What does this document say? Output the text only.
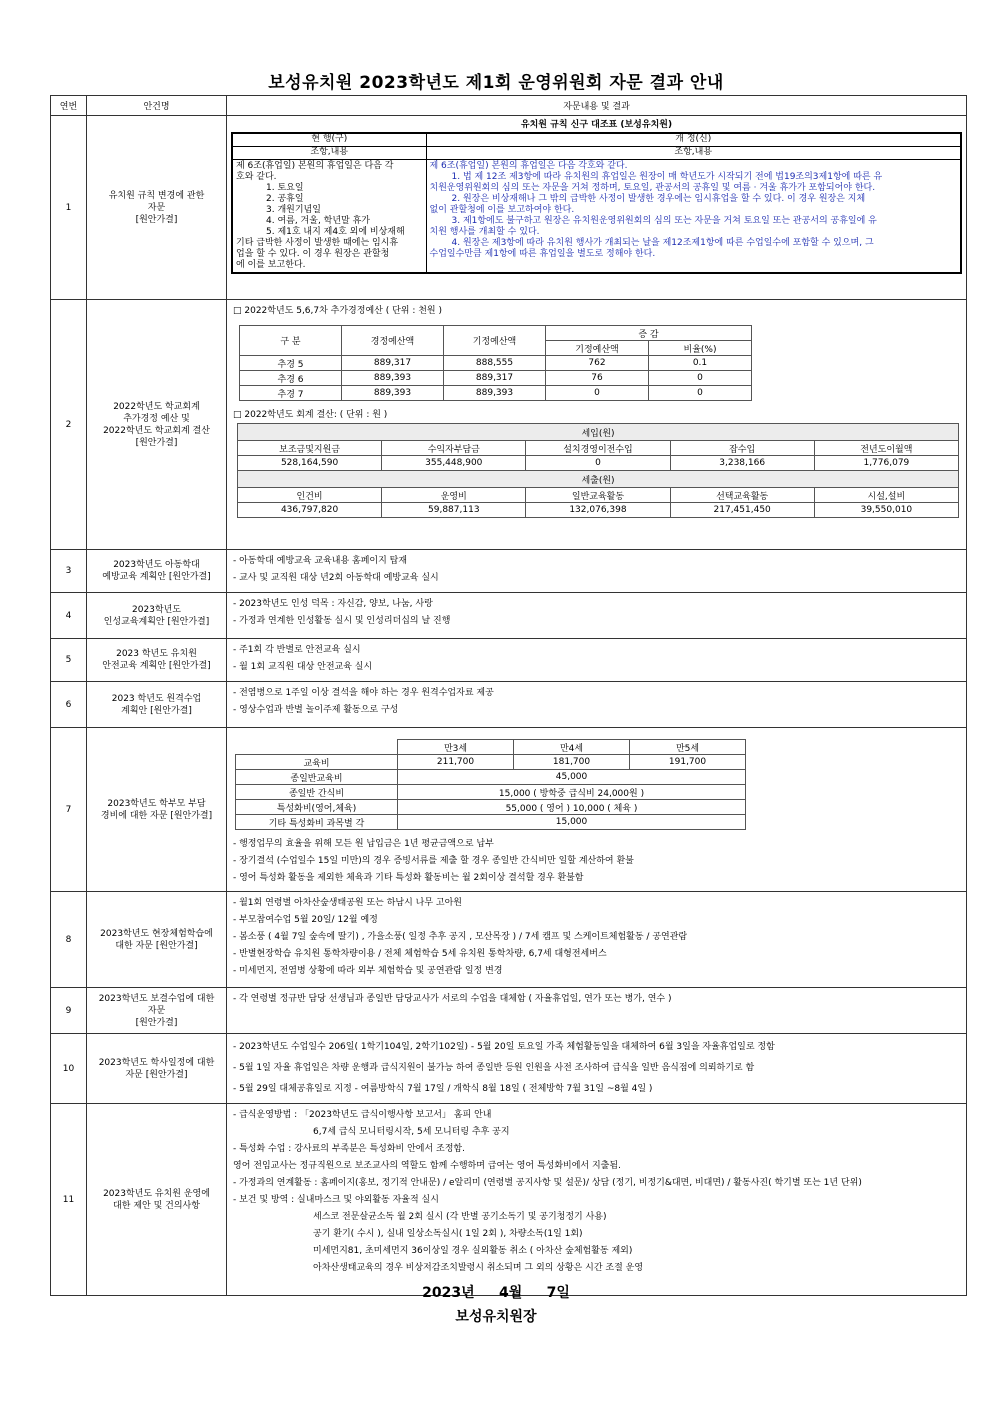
보성유치원 2023학년도 제1회 운영위원회 자문 결과 안내
연번	안건명	자문내용 및 결과
1	
유치원 규칙 변경에 관한
자문
[원안가결]

유치원 규칙 신구 대조표 (보성유치원)
현 행(구)	개 정(신)
조항,내용	조항,내용

제 6조(휴업일) 본원의 휴업일은 다음 각
호와 같다.
1. 토요일
2. 공휴일
3. 개원기념일
4. 여름, 겨울, 학년말 휴가
5. 제1호 내지 제4호 외에 비상재해
기타 급박한 사정이 발생한 때에는 임시휴
업을 할 수 있다. 이 경우 원장은 관할청
에 이를 보고한다.

제 6조(휴업일) 본원의 휴업일은 다음 각호와 같다.
1. 법 제 12조 제3항에 따라 유치원의 휴업일은 원장이 매 학년도가 시작되기 전에 법19조의3제1항에 따른 유
치원운영위원회의 심의 또는 자문을 거쳐 정하며, 토요일, 관공서의 공휴일 및 여름 · 겨울 휴가가 포함되어야 한다.
2. 원장은 비상재해나 그 밖의 급박한 사정이 발생한 경우에는 임시휴업을 할 수 있다. 이 경우 원장은 지체
없이 관할청에 이를 보고하여야 한다.
3. 제1항에도 불구하고 원장은 유치원운영위원회의 심의 또는 자문을 거쳐 토요일 또는 관공서의 공휴일에 유
치원 행사를 개최할 수 있다.
4. 원장은 제3항에 따라 유치원 행사가 개최되는 날을 제12조제1항에 따른 수업일수에 포함할 수 있으며, 그
수업일수만큼 제1항에 따른 휴업일을 별도로 정해야 한다.

2	
2022학년도 학교회계
추가경정 예산 및
2022학년도 학교회계 결산
[원안가결]

□ 2022학년도 5,6,7차 추가경정예산 ( 단위 : 천원 )
구 분	경정예산액	기정예산액	증 감
기정예산액	비율(%)
추경 5	889,317	888,555	762	0.1
추경 6	889,393	889,317	76	0
추경 7	889,393	889,393	0	0
□ 2022학년도 회계 결산: ( 단위 : 원 )
세입(원)
보조금및지원금	수익자부담금	설치경영이전수입	잡수입	전년도이월액
528,164,590	355,448,900	0	3,238,166	1,776,079
세출(원)
인건비	운영비	일반교육활동	선택교육활동	시설,설비
436,797,820	59,887,113	132,076,398	217,451,450	39,550,010

3	
2023학년도 아동학대
예방교육 계획안 [원안가결]

- 아동학대 예방교육 교육내용 홈페이지 탑재
- 교사 및 교직원 대상 년2회 아동학대 예방교육 실시

4	
2023학년도
인성교육계획안 [원안가결]

- 2023학년도 인성 덕목 : 자신감, 양보, 나눔, 사랑
- 가정과 연계한 인성활동 실시 및 인성리더십의 날 진행

5	
2023 학년도 유치원
안전교육 계획안 [원안가결]

- 주1회 각 반별로 안전교육 실시
- 월 1회 교직원 대상 안전교육 실시

6	
2023 학년도 원격수업
계획안 [원안가결]

- 전염병으로 1주일 이상 결석을 해야 하는 경우 원격수업자료 제공
- 영상수업과 반별 놀이주제 활동으로 구성

7	
2023학년도 학부모 부담
경비에 대한 자문 [원안가결]

	만3세	만4세	만5세
교육비	211,700	181,700	191,700
종일반교육비	45,000
종일반 간식비	15,000 ( 방학중 급식비 24,000원 )
특성화비(영어,체육)	55,000 ( 영어 ) 10,000 ( 체육 )
기타 특성화비 과목별 각	15,000
- 행정업무의 효율을 위해 모든 원 납입금은 1년 평균금액으로 납부
- 장기결석 (수업일수 15일 미만)의 경우 증빙서류를 제출 할 경우 종일반 간식비만 일할 계산하여 환불
- 영어 특성화 활동을 제외한 체육과 기타 특성화 활동비는 월 2회이상 결석할 경우 환불함

8	
2023학년도 현장체험학습에
대한 자문 [원안가결]

- 월1회 연령별 아차산숲생태공원 또는 하남시 나무 고아원
- 부모참여수업 5월 20일/ 12월 예정
- 봄소풍 ( 4월 7일 숲속에 딸기) , 가을소풍( 일정 추후 공지 , 모산목장 ) / 7세 캠프 및 스케이트체험활동 / 공연관람
- 반별현장학습 유치원 통학차량이용 / 전체 체험학습 5세 유치원 통학차량, 6,7세 대형전세버스
- 미세먼지, 전염병 상황에 따라 외부 체험학습 및 공연관람 일정 변경

9	
2023학년도 보결수업에 대한
자문
[원안가결]

- 각 연령별 정규반 담당 선생님과 종일반 담당교사가 서로의 수업을 대체함 ( 자율휴업일, 연가 또는 병가, 연수 )

10	
2023학년도 학사일정에 대한
자문 [원안가결]

- 2023학년도 수업일수 206일( 1학기104일, 2학기102일) - 5월 20일 토요일 가족 체험활동일을 대체하여 6월 3일을 자율휴업일로 정함
- 5월 1일 자율 휴업일은 차량 운행과 급식지원이 불가능 하여 종일반 등원 인원을 사전 조사하여 급식을 일반 음식점에 의뢰하기로 함
- 5월 29일 대체공휴일로 지정 - 여름방학식 7월 17일 / 개학식 8월 18일 ( 전체방학 7월 31일 ~8월 4일 )

11	
2023학년도 유치원 운영에
대한 제안 및 건의사항

- 급식운영방법 : 「2023학년도 급식이행사항 보고서」 홈피 안내
6,7세 급식 모니터링시작, 5세 모니터링 추후 공지
- 특성화 수업 : 강사료의 부족분은 특성화비 안에서 조정함.
영어 전임교사는 정규직원으로 보조교사의 역할도 함께 수행하며 급여는 영어 특성화비에서 지출됨.
- 가정과의 연계활동 : 홈페이지(홍보, 정기적 안내문) / e알리미 (연령별 공지사항 및 설문)/ 상담 (정기, 비정기&대면, 비대면) / 활동사진( 학기별 또는 1년 단위)
- 보건 및 방역 : 실내마스크 및 야외활동 자율적 실시
세스코 전문살균소독 월 2회 실시 (각 반별 공기소독기 및 공기청정기 사용)
공기 환기( 수시 ), 실내 일상소독실시( 1일 2회 ), 차량소독(1일 1회)
미세먼지81, 초미세먼지 36이상일 경우 실외활동 취소 ( 아차산 숲체험활동 제외)
아차산생태교육의 경우 비상저감조치발령시 취소되며 그 외의 상황은 시간 조절 운영
2023년     4월     7일
보성유치원장
